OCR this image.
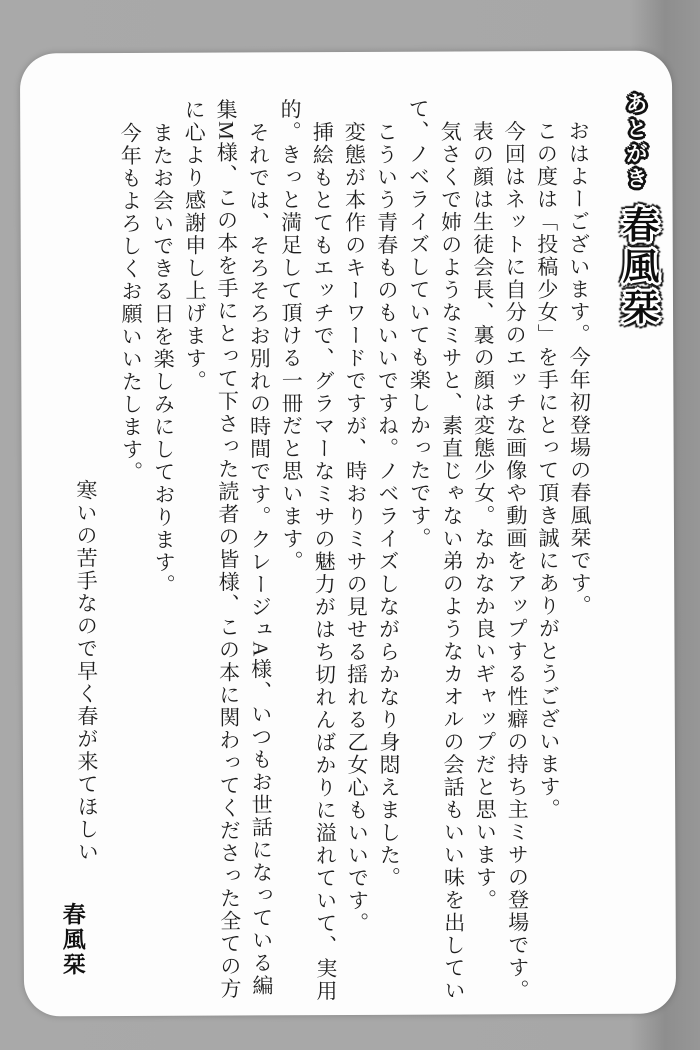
あとがき春風栞
おはよーございます。今年初登場の春風栞です。
この度は「投稿少女」を手にとって頂き誠にありがとうございます。
今回はネットに自分のエッチな画像や動画をアップする性癖の持ち主ミサの登場です。
表の顔は生徒会長、裏の顔は変態少女。なかなか良いギャップだと思います。
気さくで姉のようなミサと、素直じゃない弟のようなカオルの会話もいい味を出してい
て、ノベライズしていても楽しかったです。
こういう青春ものもいいですね。ノベライズしながらかなり身悶えました。
変態が本作のキーワードですが、時おりミサの見せる揺れる乙女心もいいです。
挿絵もとてもエッチで、グラマーなミサの魅力がはち切れんばかりに溢れていて、実用
的。きっと満足して頂ける一冊だと思います。
それでは、そろそろお別れの時間です。クレージュA様、いつもお世話になっている編
集M様、この本を手にとって下さった読者の皆様、この本に関わってくださった全ての方
に心より感謝申し上げます。
またお会いできる日を楽しみにしております。
今年もよろしくお願いいたします。
寒いの苦手なので早く春が来てほしい
春風栞
